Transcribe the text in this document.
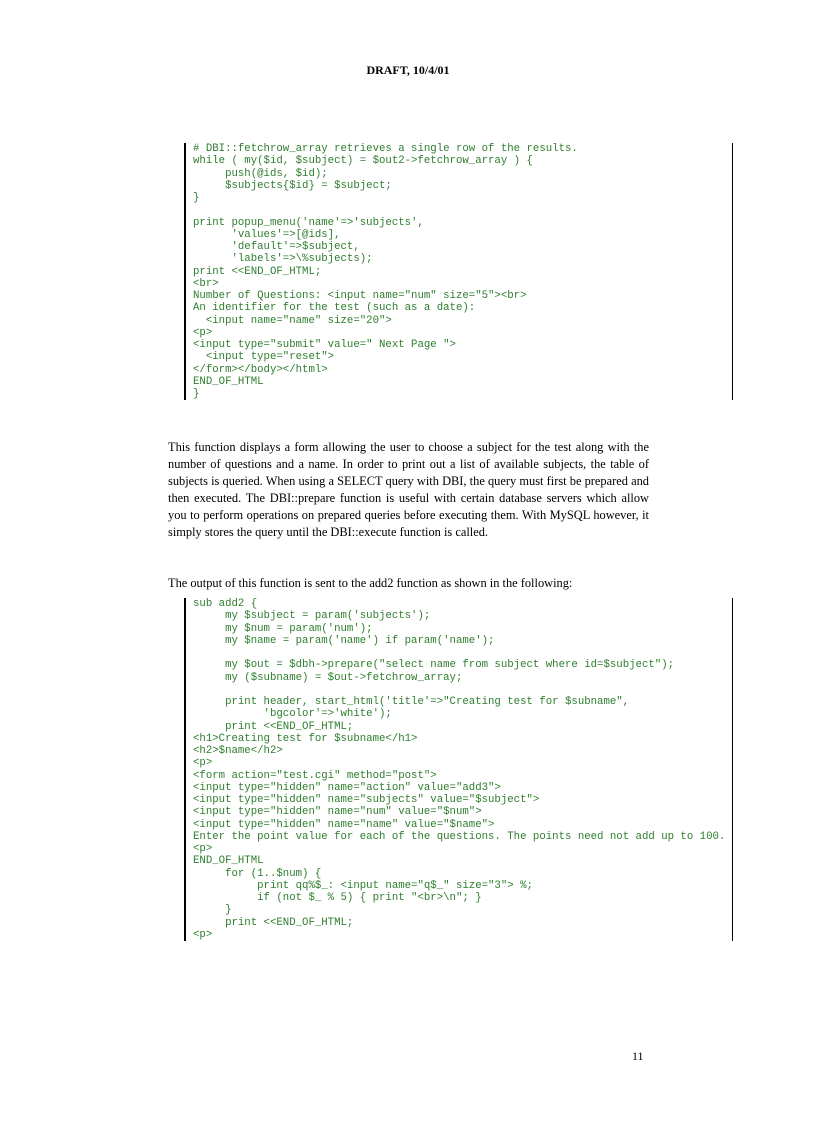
DRAFT, 10/4/01
# DBI::fetchrow_array retrieves a single row of the results.
while ( my($id, $subject) = $out2->fetchrow_array ) {
push(@ids, $id);
$subjects{$id} = $subject;
}
print popup_menu('name'=>'subjects',
'values'=>[@ids],
'default'=>$subject,
'labels'=>\%subjects);
print <<END_OF_HTML;
<br>
Number of Questions: <input name="num" size="5"><br>
An identifier for the test (such as a date):
<input name="name" size="20">
<p>
<input type="submit" value=" Next Page ">
<input type="reset">
</form></body></html>
END_OF_HTML
}

This function displays a form allowing the user to choose a subject for the test along with the number of questions and a name. In order to print out a list of available subjects, the table of subjects is queried. When using a SELECT query with DBI, the query must first be prepared and then executed. The DBI::prepare function is useful with certain database servers which allow you to perform operations on prepared queries before executing them. With MySQL however, it simply stores the query until the DBI::execute function is called.

The output of this function is sent to the add2 function as shown in the following:

sub add2 {
my $subject = param('subjects');
my $num = param('num');
my $name = param('name') if param('name');
my $out = $dbh->prepare("select name from subject where id=$subject");
my ($subname) = $out->fetchrow_array;
print header, start_html('title'=>"Creating test for $subname",
'bgcolor'=>'white');
print <<END_OF_HTML;
<h1>Creating test for $subname</h1>
<h2>$name</h2>
<p>
<form action="test.cgi" method="post">
<input type="hidden" name="action" value="add3">
<input type="hidden" name="subjects" value="$subject">
<input type="hidden" name="num" value="$num">
<input type="hidden" name="name" value="$name">
Enter the point value for each of the questions. The points need not add up to 100.
<p>
END_OF_HTML
for (1..$num) {
print qq%$_: <input name="q$_" size="3"> %;
if (not $_ % 5) { print "<br>\n"; }
}
print <<END_OF_HTML;
<p>
11
